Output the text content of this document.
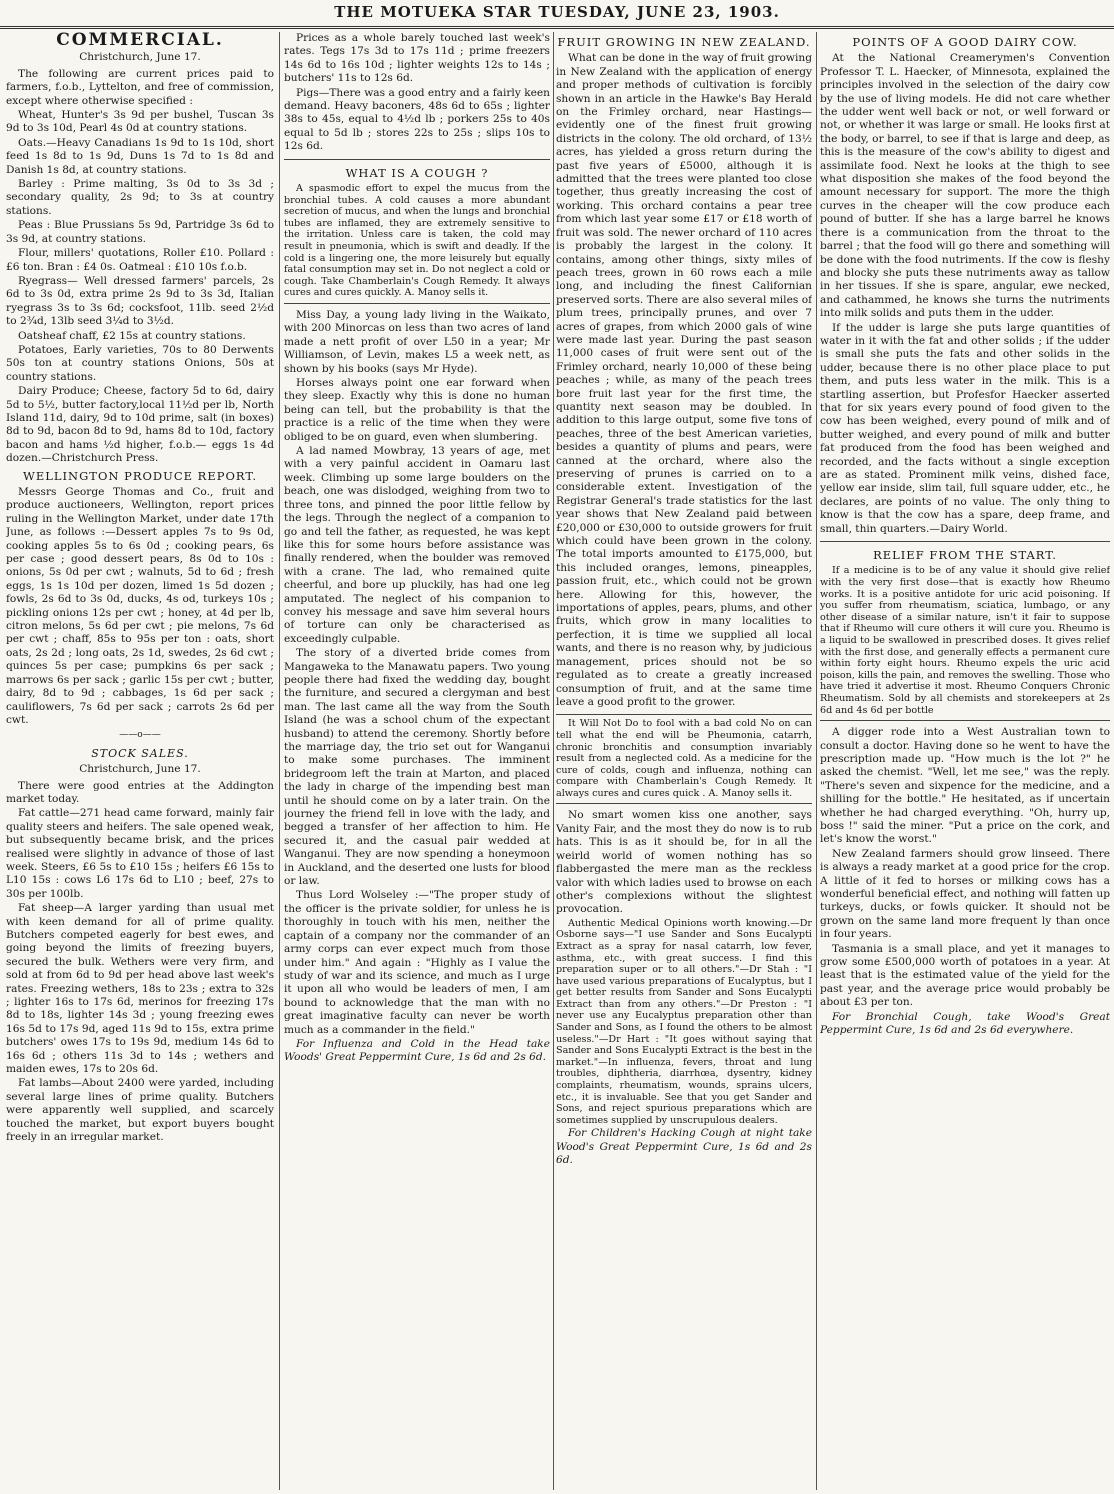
THE MOTUEKA STAR TUESDAY, JUNE 23, 1903.
COMMERCIAL.
Christchurch, June 17.

The following are current prices paid to farmers, f.o.b., Lyttelton, and free of commission, except where otherwise specified :

Wheat, Hunter's 3s 9d per bushel, Tuscan 3s 9d to 3s 10d, Pearl 4s 0d at country stations.

Oats.—Heavy Canadians 1s 9d to 1s 10d, short feed 1s 8d to 1s 9d, Duns 1s 7d to 1s 8d and Danish 1s 8d, at country stations.

Barley : Prime malting, 3s 0d to 3s 3d ; secondary quality, 2s 9d; to 3s at country stations.

Peas : Blue Prussians 5s 9d, Partridge 3s 6d to 3s 9d, at country stations.

Flour, millers' quotations, Roller £10. Pollard : £6 ton. Bran : £4 0s. Oatmeal : £10 10s f.o.b.

Ryegrass— Well dressed farmers' parcels, 2s 6d to 3s 0d, extra prime 2s 9d to 3s 3d, Italian ryegrass 3s to 3s 6d; cocksfoot, 11lb. seed 2½d to 2¾d, 13lb seed 3¼d to 3½d.

Oatsheaf chaff, £2 15s at country stations.

Potatoes, Early varieties, 70s to 80 Derwents 50s ton at country stations Onions, 50s at country stations.

Dairy Produce; Cheese, factory 5d to 6d, dairy 5d to 5½, butter factory,local 11½d per lb, North Island 11d, dairy, 9d to 10d prime, salt (in boxes) 8d to 9d, bacon 8d to 9d, hams 8d to 10d, factory bacon and hams ½d higher, f.o.b.— eggs 1s 4d dozen.—Christchurch Press.

WELLINGTON PRODUCE REPORT.

Messrs George Thomas and Co., fruit and produce auctioneers, Wellington, report prices ruling in the Wellington Market, under date 17th June, as follows :—Dessert apples 7s to 9s 0d, cooking apples 5s to 6s 0d ; cooking pears, 6s per case ; good dessert pears, 8s 0d to 10s : onions, 5s 0d per cwt ; walnuts, 5d to 6d ; fresh eggs, 1s 1s 10d per dozen, limed 1s 5d dozen ; fowls, 2s 6d to 3s 0d, ducks, 4s od, turkeys 10s ; pickling onions 12s per cwt ; honey, at 4d per lb, citron melons, 5s 6d per cwt ; pie melons, 7s 6d per cwt ; chaff, 85s to 95s per ton : oats, short oats, 2s 2d ; long oats, 2s 1d, swedes, 2s 6d cwt ; quinces 5s per case; pumpkins 6s per sack ; marrows 6s per sack ; garlic 15s per cwt ; butter, dairy, 8d to 9d ; cabbages, 1s 6d per sack ; cauliflowers, 7s 6d per sack ; carrots 2s 6d per cwt.

——o——
STOCK SALES.
Christchurch, June 17.

There were good entries at the Addington market today.

Fat cattle—271 head came forward, mainly fair quality steers and heifers. The sale opened weak, but subsequently became brisk, and the prices realised were slightly in advance of those of last week. Steers, £6 5s to £10 15s ; heifers £6 15s to L10 15s : cows L6 17s 6d to L10 ; beef, 27s to 30s per 100lb.

Fat sheep—A larger yarding than usual met with keen demand for all of prime quality. Butchers competed eagerly for best ewes, and going beyond the limits of freezing buyers, secured the bulk. Wethers were very firm, and sold at from 6d to 9d per head above last week's rates. Freezing wethers, 18s to 23s ; extra to 32s ; lighter 16s to 17s 6d, merinos for freezing 17s 8d to 18s, lighter 14s 3d ; young freezing ewes 16s 5d to 17s 9d, aged 11s 9d to 15s, extra prime butchers' owes 17s to 19s 9d, medium 14s 6d to 16s 6d ; others 11s 3d to 14s ; wethers and maiden ewes, 17s to 20s 6d.

Fat lambs—About 2400 were yarded, including several large lines of prime quality. Butchers were apparently well supplied, and scarcely touched the market, but export buyers bought freely in an irregular market.

Prices as a whole barely touched last week's rates. Tegs 17s 3d to 17s 11d ; prime freezers 14s 6d to 16s 10d ; lighter weights 12s to 14s ; butchers' 11s to 12s 6d.

Pigs—There was a good entry and a fairly keen demand. Heavy baconers, 48s 6d to 65s ; lighter 38s to 45s, equal to 4½d lb ; porkers 25s to 40s equal to 5d lb ; stores 22s to 25s ; slips 10s to 12s 6d.

WHAT IS A COUGH ?

A spasmodic effort to expel the mucus from the bronchial tubes. A cold causes a more abundant secretion of mucus, and when the lungs and bronchial tubes are inflamed, they are extremely sensitive to the irritation. Unless care is taken, the cold may result in pneumonia, which is swift and deadly. If the cold is a lingering one, the more leisurely but equally fatal consumption may set in. Do not neglect a cold or cough. Take Chamberlain's Cough Remedy. It always cures and cures quickly. A. Manoy sells it.

Miss Day, a young lady living in the Waikato, with 200 Minorcas on less than two acres of land made a nett profit of over L50 in a year; Mr Williamson, of Levin, makes L5 a week nett, as shown by his books (says Mr Hyde).

Horses always point one ear forward when they sleep. Exactly why this is done no human being can tell, but the probability is that the practice is a relic of the time when they were obliged to be on guard, even when slumbering.

A lad named Mowbray, 13 years of age, met with a very painful accident in Oamaru last week. Climbing up some large boulders on the beach, one was dislodged, weighing from two to three tons, and pinned the poor little fellow by the legs. Through the neglect of a companion to go and tell the father, as requested, he was kept like this for some hours before assistance was finally rendered, when the boulder was removed with a crane. The lad, who remained quite cheerful, and bore up pluckily, has had one leg amputated. The neglect of his companion to convey his message and save him several hours of torture can only be characterised as exceedingly culpable.

The story of a diverted bride comes from Mangaweka to the Manawatu papers. Two young people there had fixed the wedding day, bought the furniture, and secured a clergyman and best man. The last came all the way from the South Island (he was a school chum of the expectant husband) to attend the ceremony. Shortly before the marriage day, the trio set out for Wanganui to make some purchases. The imminent bridegroom left the train at Marton, and placed the lady in charge of the impending best man until he should come on by a later train. On the journey the friend fell in love with the lady, and begged a transfer of her affection to him. He secured it, and the casual pair wedded at Wanganui. They are now spending a honeymoon in Auckland, and the deserted one lusts for blood or law.

Thus Lord Wolseley :—"The proper study of the officer is the private soldier, for unless he is thoroughly in touch with his men, neither the captain of a company nor the commander of an army corps can ever expect much from those under him." And again : "Highly as I value the study of war and its science, and much as I urge it upon all who would be leaders of men, I am bound to acknowledge that the man with no great imaginative faculty can never be worth much as a commander in the field."

For Influenza and Cold in the Head take Woods' Great Peppermint Cure, 1s 6d and 2s 6d.

FRUIT GROWING IN NEW ZEALAND.

What can be done in the way of fruit growing in New Zealand with the application of energy and proper methods of cultivation is forcibly shown in an article in the Hawke's Bay Herald on the Frimley orchard, near Hastings—evidently one of the finest fruit growing districts in the colony. The old orchard, of 13½ acres, has yielded a gross return during the past five years of £5000, although it is admitted that the trees were planted too close together, thus greatly increasing the cost of working. This orchard contains a pear tree from which last year some £17 or £18 worth of fruit was sold. The newer orchard of 110 acres is probably the largest in the colony. It contains, among other things, sixty miles of peach trees, grown in 60 rows each a mile long, and including the finest Californian preserved sorts. There are also several miles of plum trees, principally prunes, and over 7 acres of grapes, from which 2000 gals of wine were made last year. During the past season 11,000 cases of fruit were sent out of the Frimley orchard, nearly 10,000 of these being peaches ; while, as many of the peach trees bore fruit last year for the first time, the quantity next season may be doubled. In addition to this large output, some five tons of peaches, three of the best American varieties, besides a quantity of plums and pears, were canned at the orchard, where also the preserving of prunes is carried on to a considerable extent. Investigation of the Registrar General's trade statistics for the last year shows that New Zealand paid between £20,000 or £30,000 to outside growers for fruit which could have been grown in the colony. The total imports amounted to £175,000, but this included oranges, lemons, pineapples, passion fruit, etc., which could not be grown here. Allowing for this, however, the importations of apples, pears, plums, and other fruits, which grow in many localities to perfection, it is time we supplied all local wants, and there is no reason why, by judicious management, prices should not be so regulated as to create a greatly increased consumption of fruit, and at the same time leave a good profit to the grower.

It Will Not Do to fool with a bad cold No on can tell what the end will be Pheumonia, catarrh, chronic bronchitis and consumption invariably result from a neglected cold. As a medicine for the cure of colds, cough and influenza, nothing can compare with Chamberlain's Cough Remedy. It always cures and cures quick . A. Manoy sells it.

No smart women kiss one another, says Vanity Fair, and the most they do now is to rub hats. This is as it should be, for in all the weirld world of women nothing has so flabbergasted the mere man as the reckless valor with which ladies used to browse on each other's complexions without the slightest provocation.

Authentic Medical Opinions worth knowing.—Dr Osborne says—"I use Sander and Sons Eucalypti Extract as a spray for nasal catarrh, low fever, asthma, etc., with great success. I find this preparation super or to all others."—Dr Stah : "I have used various preparations of Eucalyptus, but I get better results from Sander and Sons Eucalypti Extract than from any others."—Dr Preston : "I never use any Eucalyptus preparation other than Sander and Sons, as I found the others to be almost useless."—Dr Hart : "It goes without saying that Sander and Sons Eucalypti Extract is the best in the market."—In influenza, fevers, throat and lung troubles, diphtheria, diarrhœa, dysentry, kidney complaints, rheumatism, wounds, sprains ulcers, etc., it is invaluable. See that you get Sander and Sons, and reject spurious preparations which are sometimes supplied by unscrupulous dealers.

For Children's Hacking Cough at night take Wood's Great Peppermint Cure, 1s 6d and 2s 6d.

POINTS OF A GOOD DAIRY COW.

At the National Creamerymen's Convention Professor T. L. Haecker, of Minnesota, explained the principles involved in the selection of the dairy cow by the use of living models. He did not care whether the udder went well back or not, or well forward or not, or whether it was large or small. He looks first at the body, or barrel, to see if that is large and deep, as this is the measure of the cow's ability to digest and assimilate food. Next he looks at the thigh to see what disposition she makes of the food beyond the amount necessary for support. The more the thigh curves in the cheaper will the cow produce each pound of butter. If she has a large barrel he knows there is a communication from the throat to the barrel ; that the food will go there and something will be done with the food nutriments. If the cow is fleshy and blocky she puts these nutriments away as tallow in her tissues. If she is spare, angular, ewe necked, and cathammed, he knows she turns the nutriments into milk solids and puts them in the udder.

If the udder is large she puts large quantities of water in it with the fat and other solids ; if the udder is small she puts the fats and other solids in the udder, because there is no other place place to put them, and puts less water in the milk. This is a startling assertion, but Profesfor Haecker asserted that for six years every pound of food given to the cow has been weighed, every pound of milk and of butter weighed, and every pound of milk and butter fat produced from the food has been weighed and recorded, and the facts without a single exception are as stated. Prominent milk veins, dished face, yellow ear inside, slim tail, full square udder, etc., he declares, are points of no value. The only thing to know is that the cow has a spare, deep frame, and small, thin quarters.—Dairy World.

RELIEF FROM THE START.

If a medicine is to be of any value it should give relief with the very first dose—that is exactly how Rheumo works. It is a positive antidote for uric acid poisoning. If you suffer from rheumatism, sciatica, lumbago, or any other disease of a similar nature, isn't it fair to suppose that if Rheumo will cure others it will cure you. Rheumo is a liquid to be swallowed in prescribed doses. It gives relief with the first dose, and generally effects a permanent cure within forty eight hours. Rheumo expels the uric acid poison, kills the pain, and removes the swelling. Those who have tried it advertise it most. Rheumo Conquers Chronic Rheumatism. Sold by all chemists and storekeepers at 2s 6d and 4s 6d per bottle

A digger rode into a West Australian town to consult a doctor. Having done so he went to have the prescription made up. "How much is the lot ?" he asked the chemist. "Well, let me see," was the reply. "There's seven and sixpence for the medicine, and a shilling for the bottle." He hesitated, as if uncertain whether he had charged everything. "Oh, hurry up, boss !" said the miner. "Put a price on the cork, and let's know the worst."

New Zealand farmers should grow linseed. There is always a ready market at a good price for the crop. A little of it fed to horses or milking cows has a wonderful beneficial effect, and nothing will fatten up turkeys, ducks, or fowls quicker. It should not be grown on the same land more frequent ly than once in four years.

Tasmania is a small place, and yet it manages to grow some £500,000 worth of potatoes in a year. At least that is the estimated value of the yield for the past year, and the average price would probably be about £3 per ton.

For Bronchial Cough, take Wood's Great Peppermint Cure, 1s 6d and 2s 6d everywhere.
